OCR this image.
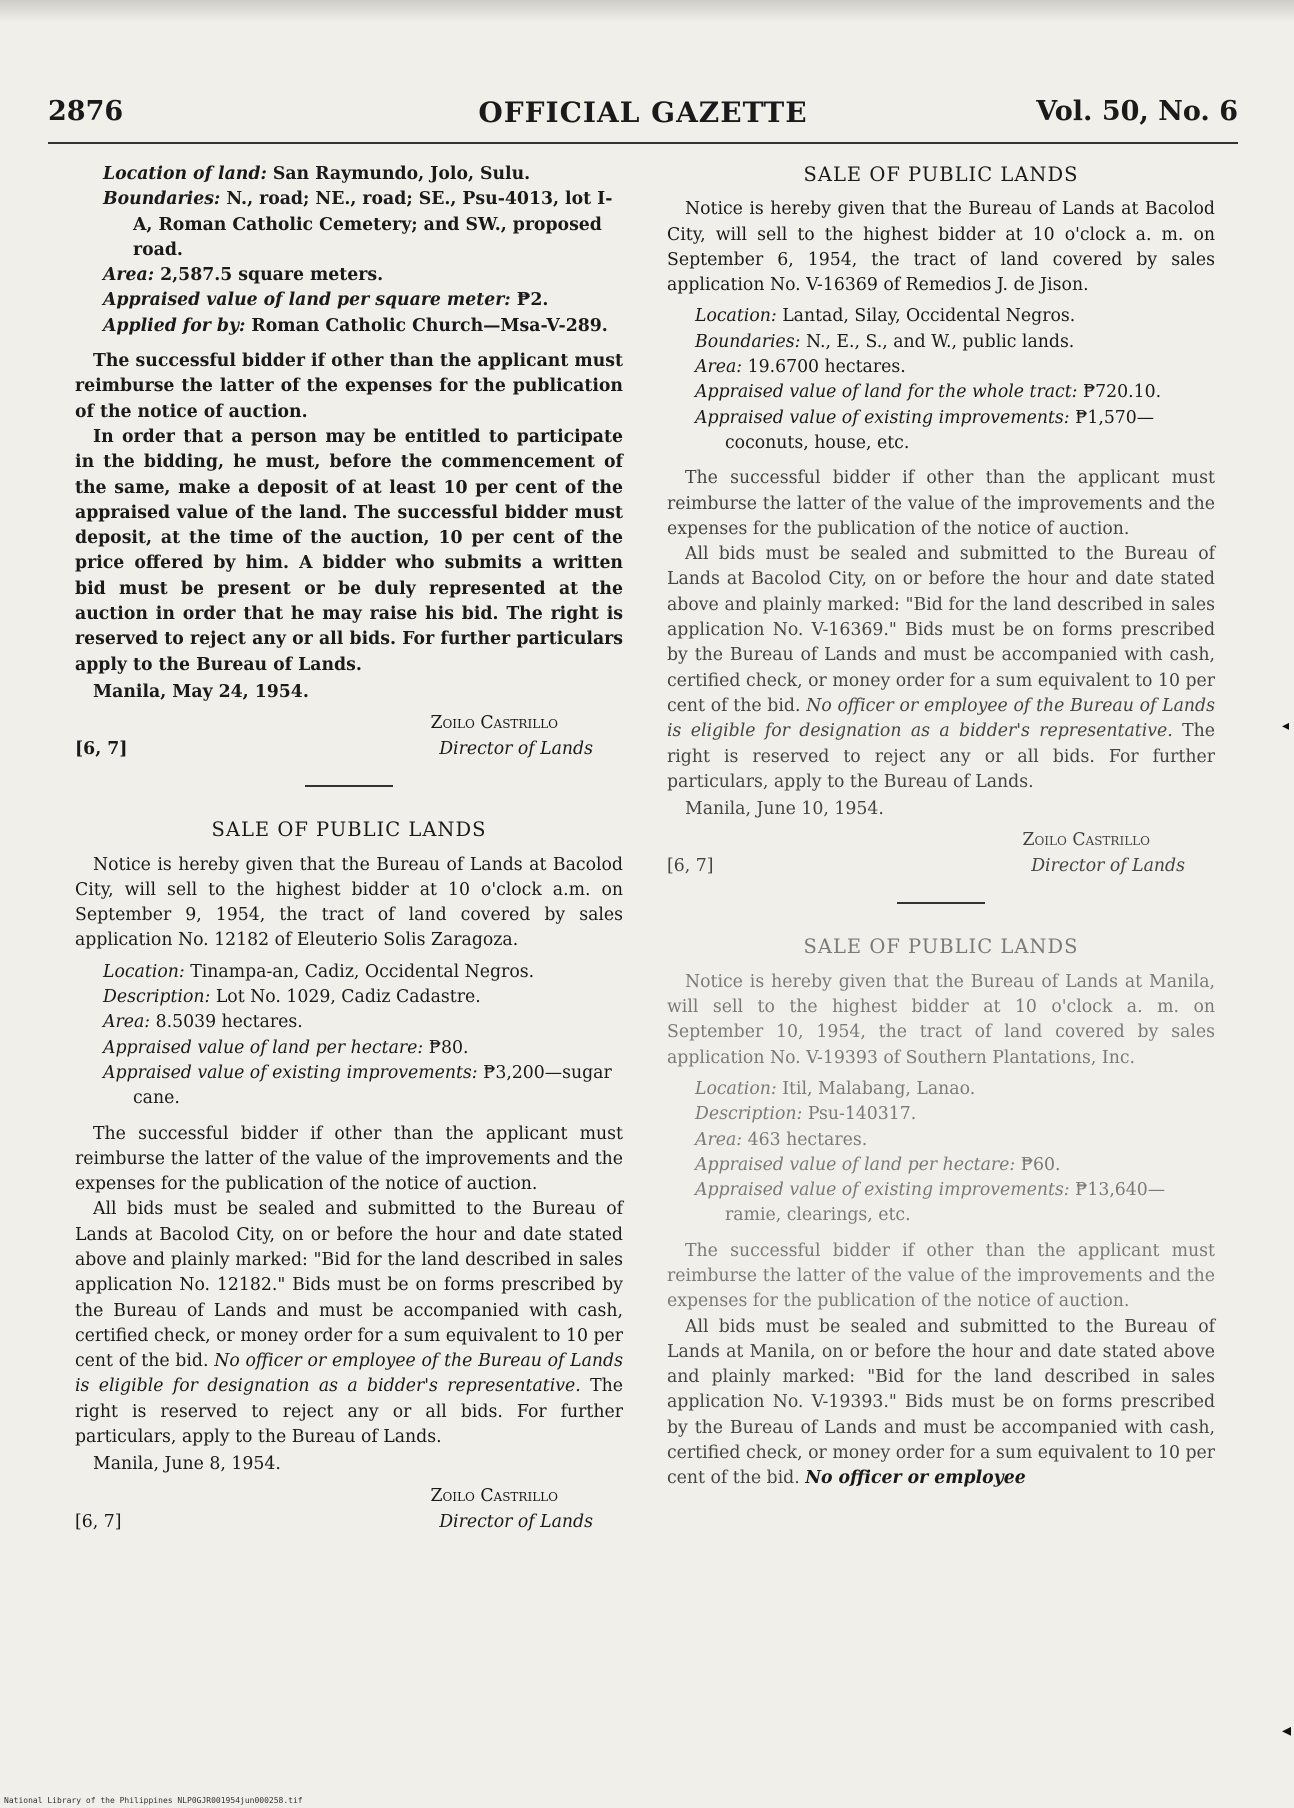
2876	OFFICIAL GAZETTE	Vol. 50, No. 6

Location of land: San Raymundo, Jolo, Sulu.

Boundaries: N., road; NE., road; SE., Psu-4013, lot I-A, Roman Catholic Cemetery; and SW., proposed road.

Area: 2,587.5 square meters.

Appraised value of land per square meter: ₱2.

Applied for by: Roman Catholic Church—Msa-V-289.

The successful bidder if other than the applicant must reimburse the latter of the expenses for the publication of the notice of auction.

In order that a person may be entitled to participate in the bidding, he must, before the commencement of the same, make a deposit of at least 10 per cent of the appraised value of the land. The successful bidder must deposit, at the time of the auction, 10 per cent of the price offered by him. A bidder who submits a written bid must be present or be duly represented at the auction in order that he may raise his bid. The right is reserved to reject any or all bids. For further particulars apply to the Bureau of Lands.

Manila, May 24, 1954.

Zoilo Castrillo
Director of Lands
[6, 7]
SALE OF PUBLIC LANDS

Notice is hereby given that the Bureau of Lands at Bacolod City, will sell to the highest bidder at 10 o'clock a.m. on September 9, 1954, the tract of land covered by sales application No. 12182 of Eleuterio Solis Zaragoza.

Location: Tinampa-an, Cadiz, Occidental Negros.

Description: Lot No. 1029, Cadiz Cadastre.

Area: 8.5039 hectares.

Appraised value of land per hectare: ₱80.

Appraised value of existing improvements: ₱3,200—sugar cane.

The successful bidder if other than the applicant must reimburse the latter of the value of the improvements and the expenses for the publication of the notice of auction.

All bids must be sealed and submitted to the Bureau of Lands at Bacolod City, on or before the hour and date stated above and plainly marked: "Bid for the land described in sales application No. 12182." Bids must be on forms prescribed by the Bureau of Lands and must be accompanied with cash, certified check, or money order for a sum equivalent to 10 per cent of the bid. No officer or employee of the Bureau of Lands is eligible for designation as a bidder's representative. The right is reserved to reject any or all bids. For further particulars, apply to the Bureau of Lands.

Manila, June 8, 1954.

Zoilo Castrillo
Director of Lands
[6, 7]
SALE OF PUBLIC LANDS

Notice is hereby given that the Bureau of Lands at Bacolod City, will sell to the highest bidder at 10 o'clock a. m. on September 6, 1954, the tract of land covered by sales application No. V-16369 of Remedios J. de Jison.

Location: Lantad, Silay, Occidental Negros.

Boundaries: N., E., S., and W., public lands.

Area: 19.6700 hectares.

Appraised value of land for the whole tract: ₱720.10.

Appraised value of existing improvements: ₱1,570—coconuts, house, etc.

The successful bidder if other than the applicant must reimburse the latter of the value of the improvements and the expenses for the publication of the notice of auction.

All bids must be sealed and submitted to the Bureau of Lands at Bacolod City, on or before the hour and date stated above and plainly marked: "Bid for the land described in sales application No. V-16369." Bids must be on forms prescribed by the Bureau of Lands and must be accompanied with cash, certified check, or money order for a sum equivalent to 10 per cent of the bid. No officer or employee of the Bureau of Lands is eligible for designation as a bidder's representative. The right is reserved to reject any or all bids. For further particulars, apply to the Bureau of Lands.

Manila, June 10, 1954.

Zoilo Castrillo
Director of Lands
[6, 7]
SALE OF PUBLIC LANDS

Notice is hereby given that the Bureau of Lands at Manila, will sell to the highest bidder at 10 o'clock a. m. on September 10, 1954, the tract of land covered by sales application No. V-19393 of Southern Plantations, Inc.

Location: Itil, Malabang, Lanao.

Description: Psu-140317.

Area: 463 hectares.

Appraised value of land per hectare: ₱60.

Appraised value of existing improvements: ₱13,640—ramie, clearings, etc.

The successful bidder if other than the applicant must reimburse the latter of the value of the improvements and the expenses for the publication of the notice of auction.

All bids must be sealed and submitted to the Bureau of Lands at Manila, on or before the hour and date stated above and plainly marked: "Bid for the land described in sales application No. V-19393." Bids must be on forms prescribed by the Bureau of Lands and must be accompanied with cash, certified check, or money order for a sum equivalent to 10 per cent of the bid. No officer or employee

◂
◂
National Library of the Philippines NLP0GJR001954jun000258.tif
